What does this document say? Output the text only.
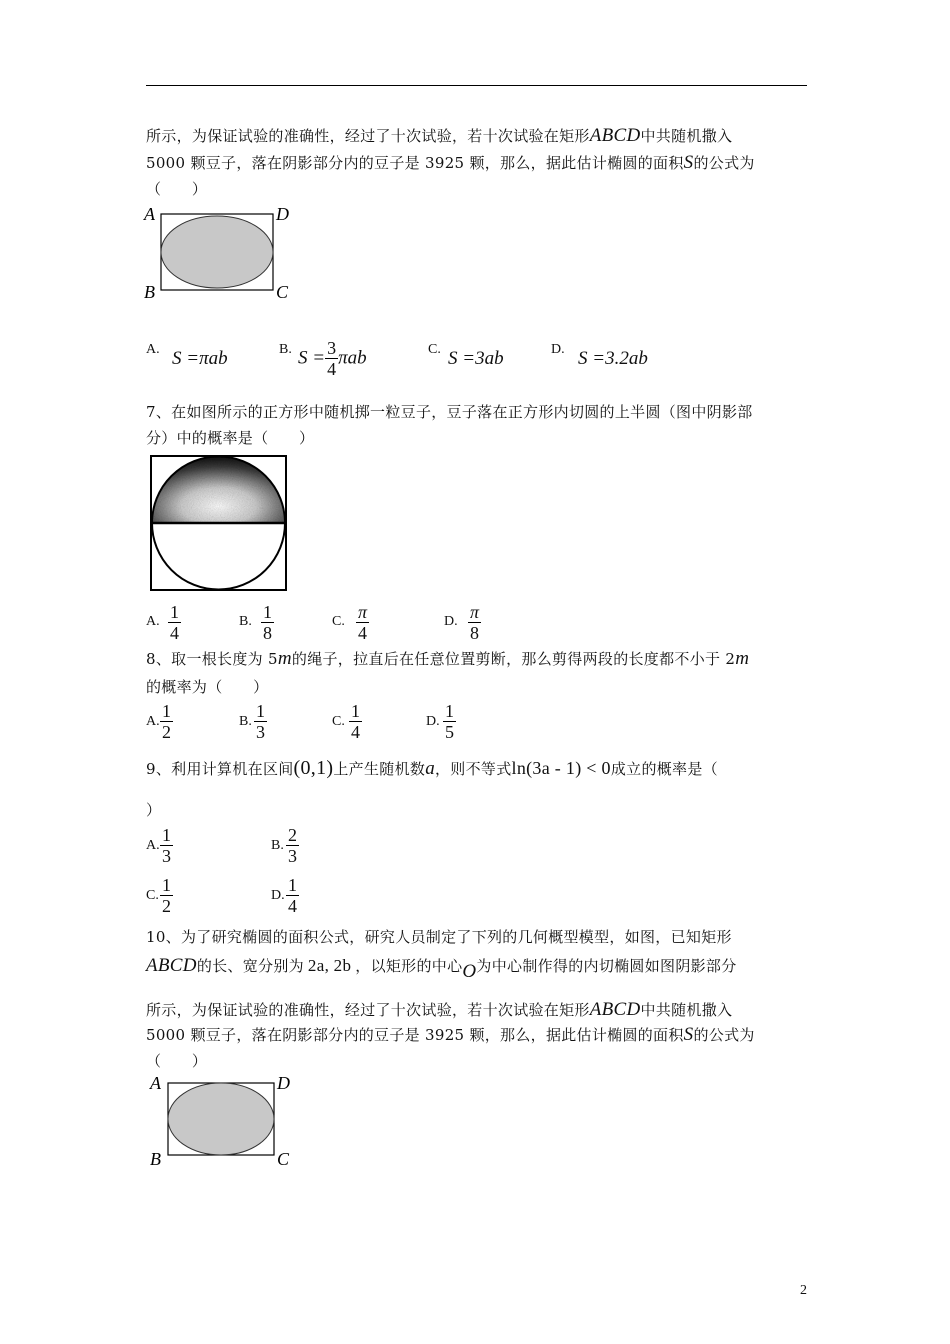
所示，为保证试验的准确性，经过了十次试验，若十次试验在矩形ABCD中共随机撒入
5000 颗豆子，落在阴影部分内的豆子是 3925 颗，那么，据此估计椭圆的面积S的公式为
（　　）
A	D
B	C
A. S =πab	B. $S = \frac{3}{4}$ πab	C. S =3ab	D. S =3.2ab
7、在如图所示的正方形中随机掷一粒豆子，豆子落在正方形内切圆的上半圆（图中阴影部
分）中的概率是（　　）
A. $\frac{1}{4}$	B. $\frac{1}{8}$	C. $\frac{\pi}{4}$	D. $\frac{\pi}{8}$
8、取一根长度为 5m的绳子，拉直后在任意位置剪断，那么剪得两段的长度都不小于 2m
的概率为（　　）
A. $\frac{1}{2}$	B. $\frac{1}{3}$	C. $\frac{1}{4}$	D. $\frac{1}{5}$
9、利用计算机在区间(0,1)上产生随机数a，则不等式ln(3a - 1) < 0成立的概率是（
）
A. $\frac{1}{3}$	B. $\frac{2}{3}$
C. $\frac{1}{2}$	D. $\frac{1}{4}$
10、为了研究椭圆的面积公式，研究人员制定了下列的几何概型模型，如图，已知矩形
ABCD的长、宽分别为 2a, 2b ，以矩形的中心O为中心制作得的内切椭圆如图阴影部分
所示，为保证试验的准确性，经过了十次试验，若十次试验在矩形ABCD中共随机撒入
5000 颗豆子，落在阴影部分内的豆子是 3925 颗，那么，据此估计椭圆的面积S的公式为
（　　）
A	D
B	C
2
